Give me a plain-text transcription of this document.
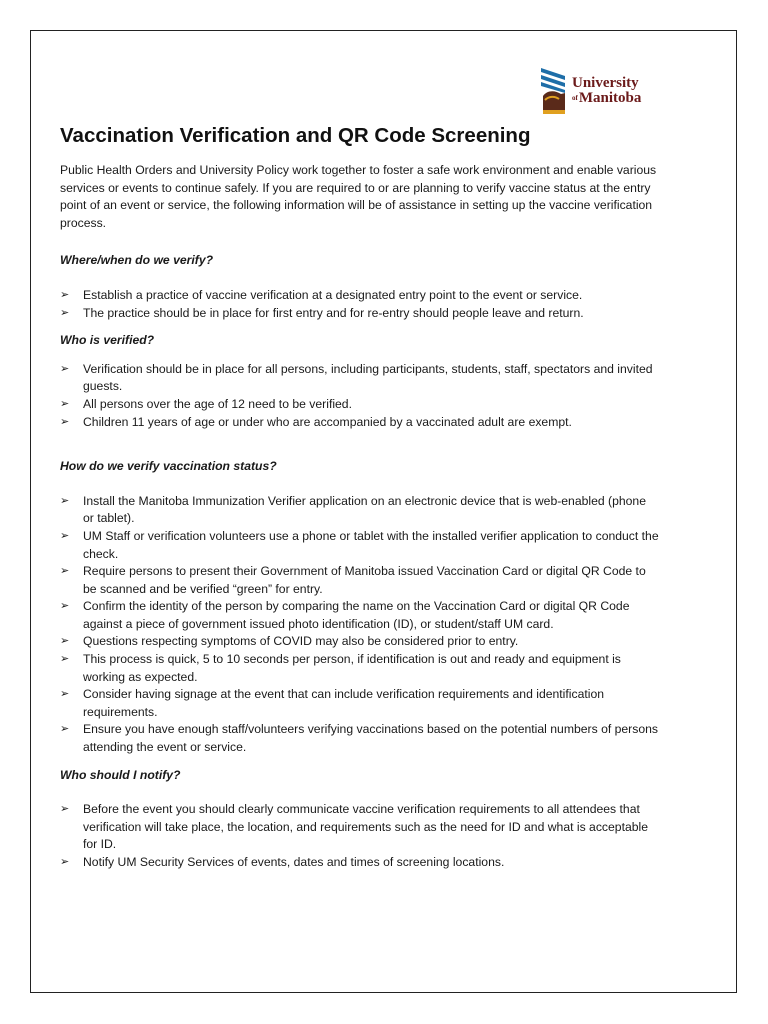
University
$^{of}$Manitoba
Vaccination Verification and QR Code Screening

Public Health Orders and University Policy work together to foster a safe work environment and enable various services or events to continue safely. If you are required to or are planning to verify vaccine status at the entry point of an event or service, the following information will be of assistance in setting up the vaccine verification process.

Where/when do we verify?

➢ Establish a practice of vaccine verification at a designated entry point to the event or service.
➢ The practice should be in place for first entry and for re-entry should people leave and return.

Who is verified?

➢ Verification should be in place for all persons, including participants, students, staff, spectators and invited guests.
➢ All persons over the age of 12 need to be verified.
➢ Children 11 years of age or under who are accompanied by a vaccinated adult are exempt.

How do we verify vaccination status?

➢ Install the Manitoba Immunization Verifier application on an electronic device that is web-enabled (phone or tablet).
➢ UM Staff or verification volunteers use a phone or tablet with the installed verifier application to conduct the check.
➢ Require persons to present their Government of Manitoba issued Vaccination Card or digital QR Code to be scanned and be verified “green” for entry.
➢ Confirm the identity of the person by comparing the name on the Vaccination Card or digital QR Code against a piece of government issued photo identification (ID), or student/staff UM card.
➢ Questions respecting symptoms of COVID may also be considered prior to entry.
➢ This process is quick, 5 to 10 seconds per person, if identification is out and ready and equipment is working as expected.
➢ Consider having signage at the event that can include verification requirements and identification requirements.
➢ Ensure you have enough staff/volunteers verifying vaccinations based on the potential numbers of persons attending the event or service.

Who should I notify?

➢ Before the event you should clearly communicate vaccine verification requirements to all attendees that verification will take place, the location, and requirements such as the need for ID and what is acceptable for ID.
➢ Notify UM Security Services of events, dates and times of screening locations.
